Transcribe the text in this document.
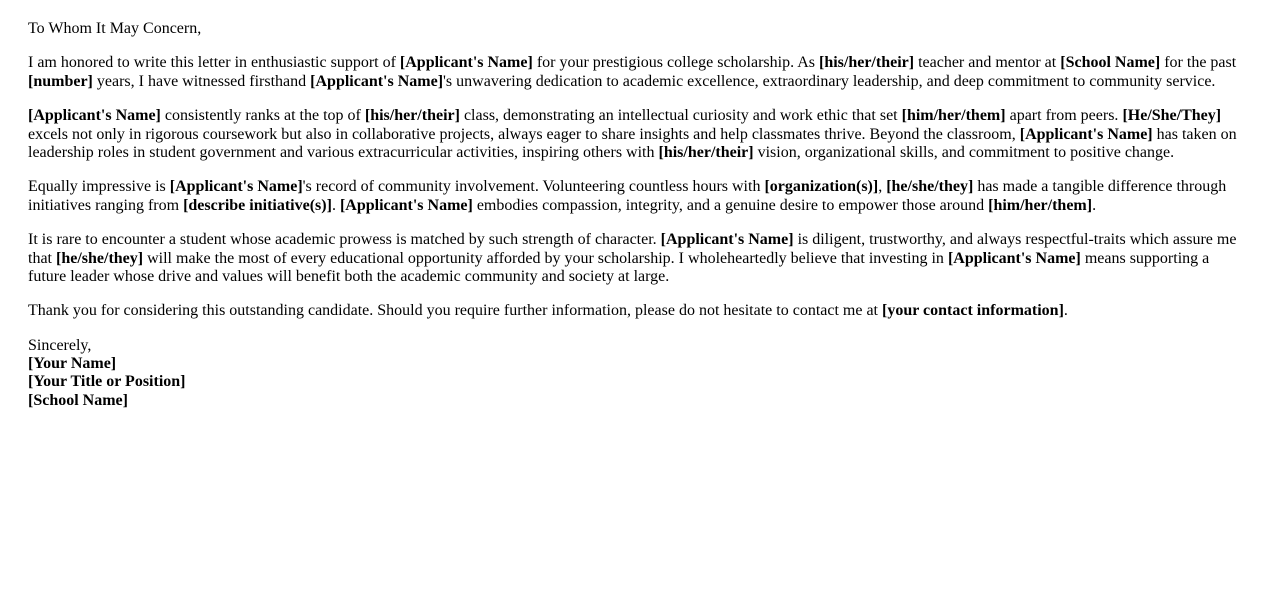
To Whom It May Concern,

I am honored to write this letter in enthusiastic support of [Applicant's Name] for your prestigious college scholarship. As [his/her/their] teacher and mentor at [School Name] for the past [number] years, I have witnessed firsthand [Applicant's Name]'s unwavering dedication to academic excellence, extraordinary leadership, and deep commitment to community service.

[Applicant's Name] consistently ranks at the top of [his/her/their] class, demonstrating an intellectual curiosity and work ethic that set [him/her/them] apart from peers. [He/She/They] excels not only in rigorous coursework but also in collaborative projects, always eager to share insights and help classmates thrive. Beyond the classroom, [Applicant's Name] has taken on leadership roles in student government and various extracurricular activities, inspiring others with [his/her/their] vision, organizational skills, and commitment to positive change.

Equally impressive is [Applicant's Name]'s record of community involvement. Volunteering countless hours with [organization(s)], [he/she/they] has made a tangible difference through initiatives ranging from [describe initiative(s)]. [Applicant's Name] embodies compassion, integrity, and a genuine desire to empower those around [him/her/them].

It is rare to encounter a student whose academic prowess is matched by such strength of character. [Applicant's Name] is diligent, trustworthy, and always respectful-traits which assure me that [he/she/they] will make the most of every educational opportunity afforded by your scholarship. I wholeheartedly believe that investing in [Applicant's Name] means supporting a future leader whose drive and values will benefit both the academic community and society at large.

Thank you for considering this outstanding candidate. Should you require further information, please do not hesitate to contact me at [your contact information].

Sincerely,
[Your Name]
[Your Title or Position]
[School Name]
